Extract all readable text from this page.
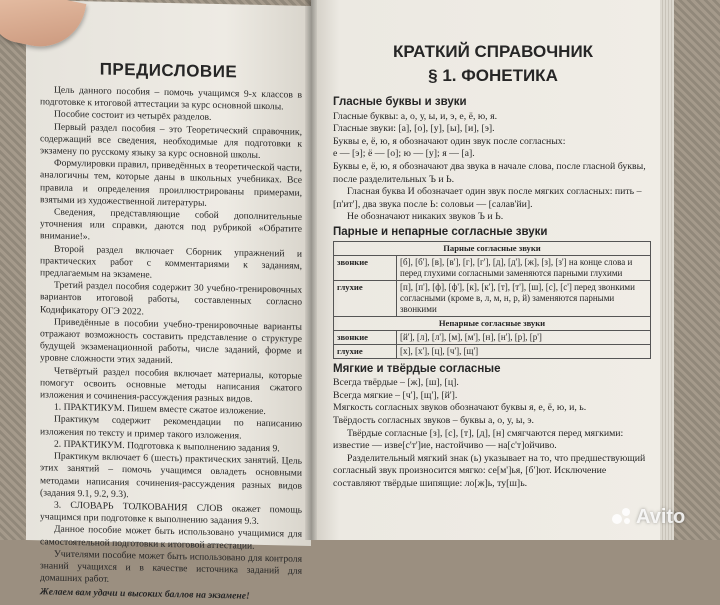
ПРЕДИСЛОВИЕ

Цель данного пособия – помочь учащимся 9-х классов в подготовке к итоговой аттестации за курс основной школы.

Пособие состоит из четырёх разделов.

Первый раздел пособия – это Теоретический справочник, содержащий все сведения, необходимые для подготовки к экзамену по русскому языку за курс основной школы.

Формулировки правил, приведённых в теоретической части, аналогичны тем, которые даны в школьных учебниках. Все правила и определения проиллюстрированы примерами, взятыми из художественной литературы.

Сведения, представляющие собой дополнительные уточнения или справки, даются под рубрикой «Обратите внимание!».

Второй раздел включает Сборник упражнений и практических работ с комментариями к заданиям, предлагаемым на экзамене.

Третий раздел пособия содержит 30 учебно-тренировочных вариантов итоговой работы, составленных согласно Кодификатору ОГЭ 2022.

Приведённые в пособии учебно-тренировочные варианты отражают возможность составить представление о структуре будущей экзаменационной работы, числе заданий, форме и уровне сложности этих заданий.

Четвёртый раздел пособия включает материалы, которые помогут освоить основные методы написания сжатого изложения и сочинения-рассуждения разных видов.

1. ПРАКТИКУМ. Пишем вместе сжатое изложение.

Практикум содержит рекомендации по написанию изложения по тексту и пример такого изложения.

2. ПРАКТИКУМ. Подготовка к выполнению задания 9.

Практикум включает 6 (шесть) практических занятий. Цель этих занятий – помочь учащимся овладеть основными методами написания сочинения-рассуждения разных видов (задания 9.1, 9.2, 9.3).

3. СЛОВАРЬ ТОЛКОВАНИЯ СЛОВ окажет помощь учащимся при подготовке к выполнению задания 9.3.

Данное пособие может быть использовано учащимися для самостоятельной подготовки к итоговой аттестации.

Учителями пособие может быть использовано для контроля знаний учащихся и в качестве источника заданий для домашних работ.

Желаем вам удачи и высоких баллов на экзамене!

КРАТКИЙ СПРАВОЧНИК
§ 1. ФОНЕТИКА

Гласные буквы и звуки

Гласные буквы: а, о, у, ы, и, э, е, ё, ю, я.

Гласные звуки: [а], [о], [у], [ы], [и], [э].

Буквы е, ё, ю, я обозначают один звук после согласных:

е — [э]; ё — [о]; ю — [у]; я — [а].

Буквы е, ё, ю, я обозначают два звука в начале слова, после гласной буквы, после разделительных Ъ и Ь.

Гласная буква И обозначает один звук после мягких согласных: пить – [п'ит'], два звука после Ь: соловьи — [салав'йи].

Не обозначают никаких звуков Ъ и Ь.

Парные и непарные согласные звуки

Парные согласные звуки	
звонкие	[б], [б'], [в], [в'], [г], [г'], [д], [д'], [ж], [з], [з'] на конце слова и перед глухими согласными заменяются парными глухими
глухие	[п], [п'], [ф], [ф'], [к], [к'], [т], [т'], [ш], [с], [с'] перед звонкими согласными (кроме в, л, м, н, р, й) заменяются парными звонкими
Непарные согласные звуки	
звонкие	[й'], [л], [л'], [м], [м'], [н], [н'], [р], [р']
глухие	[х], [х'], [ц], [ч'], [щ']

Мягкие и твёрдые согласные

Всегда твёрдые – [ж], [ш], [ц].

Всегда мягкие – [ч'], [щ'], [й'].

Мягкость согласных звуков обозначают буквы я, е, ё, ю, и, ь.

Твёрдость согласных звуков – буквы а, о, у, ы, э.

Твёрдые согласные [з], [с], [т], [д], [н] смягчаются перед мягкими: известие — изве[с'т']ие, настойчиво — на[с'т]ойчиво.

Разделительный мягкий знак (ь) указывает на то, что предшествующий согласный звук произносится мягко: се[м']ья, [б']ют. Исключение составляют твёрдые шипящие: ло[ж]ь, ту[ш]ь.

Avito
